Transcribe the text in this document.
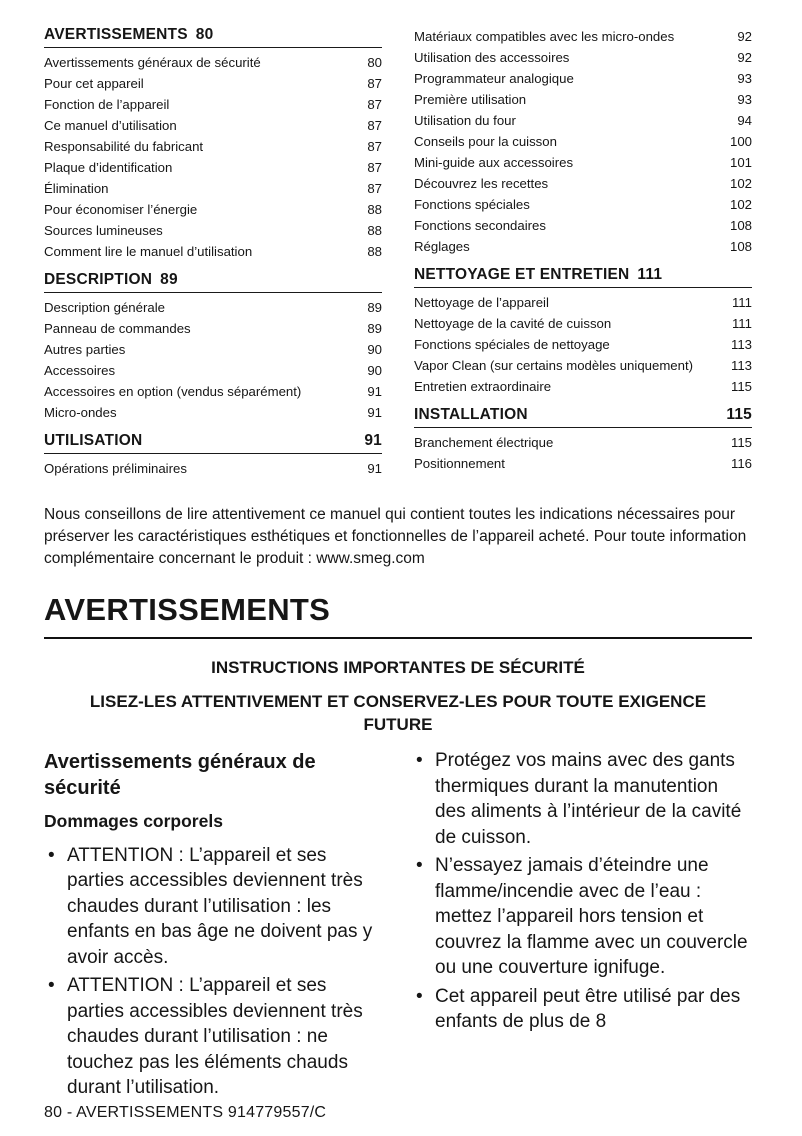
AVERTISSEMENTS 80
Avertissements généraux de sécurité	80
Pour cet appareil	87
Fonction de l’appareil	87
Ce manuel d’utilisation	87
Responsabilité du fabricant	87
Plaque d’identification	87
Élimination	87
Pour économiser l’énergie	88
Sources lumineuses	88
Comment lire le manuel d’utilisation	88
DESCRIPTION 89
Description générale	89
Panneau de commandes	89
Autres parties	90
Accessoires	90
Accessoires en option (vendus séparément)	91
Micro-ondes	91
UTILISATION	91
Opérations préliminaires	91
Matériaux compatibles avec les micro-ondes	92
Utilisation des accessoires	92
Programmateur analogique	93
Première utilisation	93
Utilisation du four	94
Conseils pour la cuisson	100
Mini-guide aux accessoires	101
Découvrez les recettes	102
Fonctions spéciales	102
Fonctions secondaires	108
Réglages	108
NETTOYAGE ET ENTRETIEN 111
Nettoyage de l’appareil	111
Nettoyage de la cavité de cuisson	111
Fonctions spéciales de nettoyage	113
Vapor Clean (sur certains modèles uniquement)	113
Entretien extraordinaire	115
INSTALLATION	115
Branchement électrique	115
Positionnement	116

Nous conseillons de lire attentivement ce manuel qui contient toutes les indications nécessaires pour préserver les caractéristiques esthétiques et fonctionnelles de l’appareil acheté. Pour toute information complémentaire concernant le produit : www.smeg.com

AVERTISSEMENTS
INSTRUCTIONS IMPORTANTES DE SÉCURITÉ
LISEZ-LES ATTENTIVEMENT ET CONSERVEZ-LES POUR TOUTE EXIGENCE FUTURE
Avertissements généraux de sécurité
Dommages corporels
• ATTENTION : L’appareil et ses parties accessibles deviennent très chaudes durant l’utilisation : les enfants en bas âge ne doivent pas y avoir accès.
• ATTENTION : L’appareil et ses parties accessibles deviennent très chaudes durant l’utilisation : ne touchez pas les éléments chauds durant l’utilisation.
• Protégez vos mains avec des gants thermiques durant la manutention des aliments à l’intérieur de la cavité de cuisson.
• N’essayez jamais d’éteindre une flamme/incendie avec de l’eau : mettez l’appareil hors tension et couvrez la flamme avec un couvercle ou une couverture ignifuge.
• Cet appareil peut être utilisé par des enfants de plus de 8
80 - AVERTISSEMENTS 914779557/C
